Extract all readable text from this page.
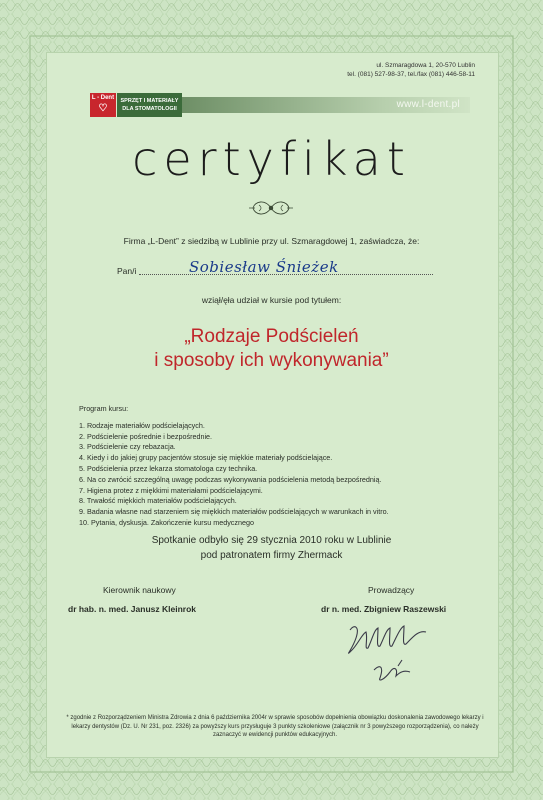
ul. Szmaragdowa 1, 20-570 Lublin
tel. (081) 527-98-37, tel./fax (081) 446-58-11
L - Dent
♡
SPRZĘT I MATERIAŁY
DLA STOMATOLOGII	www.l-dent.pl
certyfikat
Firma „L-Dent” z siedzibą w Lublinie przy ul. Szmaragdowej 1, zaświadcza, że:
Pan/i	Sobiesław Śnieżek
wziął/ęła udział w kursie pod tytułem:
„Rodzaje Podścieleń
i sposoby ich wykonywania”
Program kursu:
1. Rodzaje materiałów podścielających.
2. Podścielenie pośrednie i bezpośrednie.
3. Podścielenie czy rebazacja.
4. Kiedy i do jakiej grupy pacjentów stosuje się miękkie materiały podścielające.
5. Podścielenia przez lekarza stomatologa czy technika.
6. Na co zwrócić szczególną uwagę podczas wykonywania podścielenia metodą bezpośrednią.
7. Higiena protez z miękkimi materiałami podścielającymi.
8. Trwałość miękkich materiałów podścielających.
9. Badania własne nad starzeniem się miękkich materiałów podścielających w warunkach in vitro.
10. Pytania, dyskusja. Zakończenie kursu medycznego
Spotkanie odbyło się 29 stycznia 2010 roku w Lublinie
pod patronatem firmy Zhermack
Kierownik naukowy	Prowadzący
dr hab. n. med. Janusz Kleinrok	dr n. med. Zbigniew Raszewski
* zgodnie z Rozporządzeniem Ministra Zdrowia z dnia 6 października 2004r w sprawie sposobów dopełnienia obowiązku doskonalenia zawodowego lekarzy i lekarzy dentystów (Dz. U. Nr 231, poz. 2326) za powyższy kurs przysługuje 3 punkty szkoleniowe (załącznik nr 3 powyższego rozporządzenia), co należy zaznaczyć w ewidencji punktów edukacyjnych.
